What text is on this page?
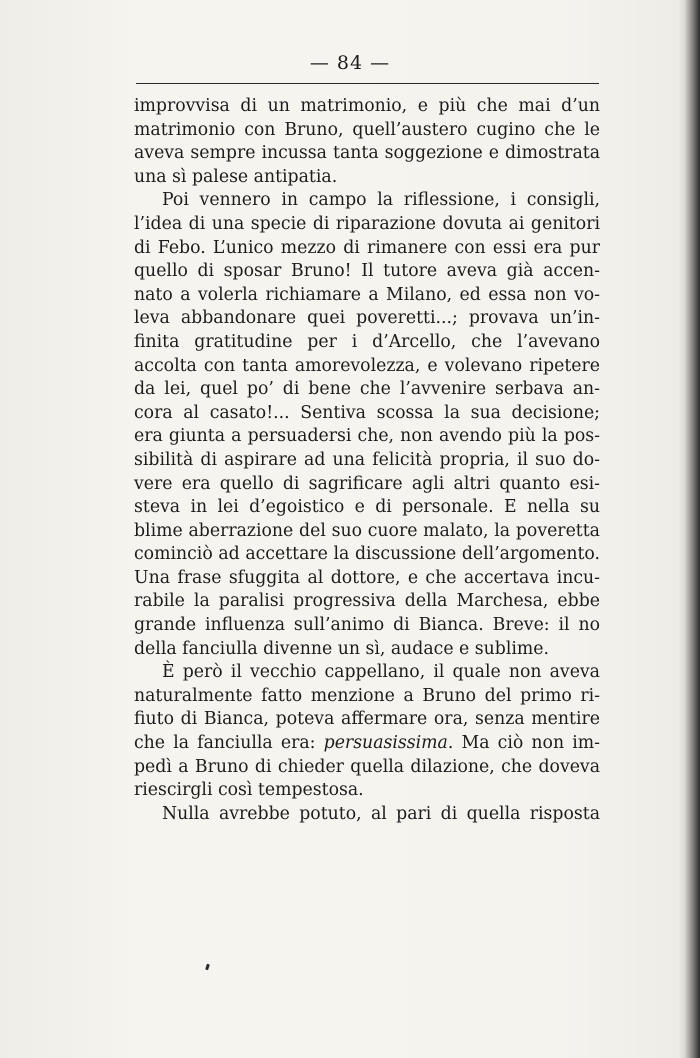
— 84 —
improvvisa di un matrimonio, e più che mai d’un
matrimonio con Bruno, quell’austero cugino che le
aveva sempre incussa tanta soggezione e dimostrata
una sì palese antipatia.
Poi vennero in campo la riflessione, i consigli,
l’idea di una specie di riparazione dovuta ai genitori
di Febo. L’unico mezzo di rimanere con essi era pur
quello di sposar Bruno! Il tutore aveva già accen-
nato a volerla richiamare a Milano, ed essa non vo-
leva abbandonare quei poveretti...; provava un’in-
finita gratitudine per i d’Arcello, che l’avevano
accolta con tanta amorevolezza, e volevano ripetere
da lei, quel po’ di bene che l’avvenire serbava an-
cora al casato!... Sentiva scossa la sua decisione;
era giunta a persuadersi che, non avendo più la pos-
sibilità di aspirare ad una felicità propria, il suo do-
vere era quello di sagrificare agli altri quanto esi-
steva in lei d’egoistico e di personale. E nella su
blime aberrazione del suo cuore malato, la poveretta
cominciò ad accettare la discussione dell’argomento.
Una frase sfuggita al dottore, e che accertava incu-
rabile la paralisi progressiva della Marchesa, ebbe
grande influenza sull’animo di Bianca. Breve: il no
della fanciulla divenne un sì, audace e sublime.
È però il vecchio cappellano, il quale non aveva
naturalmente fatto menzione a Bruno del primo ri-
fiuto di Bianca, poteva affermare ora, senza mentire
che la fanciulla era: persuasissima. Ma ciò non im-
pedì a Bruno di chieder quella dilazione, che doveva
riescirgli così tempestosa.
Nulla avrebbe potuto, al pari di quella risposta
